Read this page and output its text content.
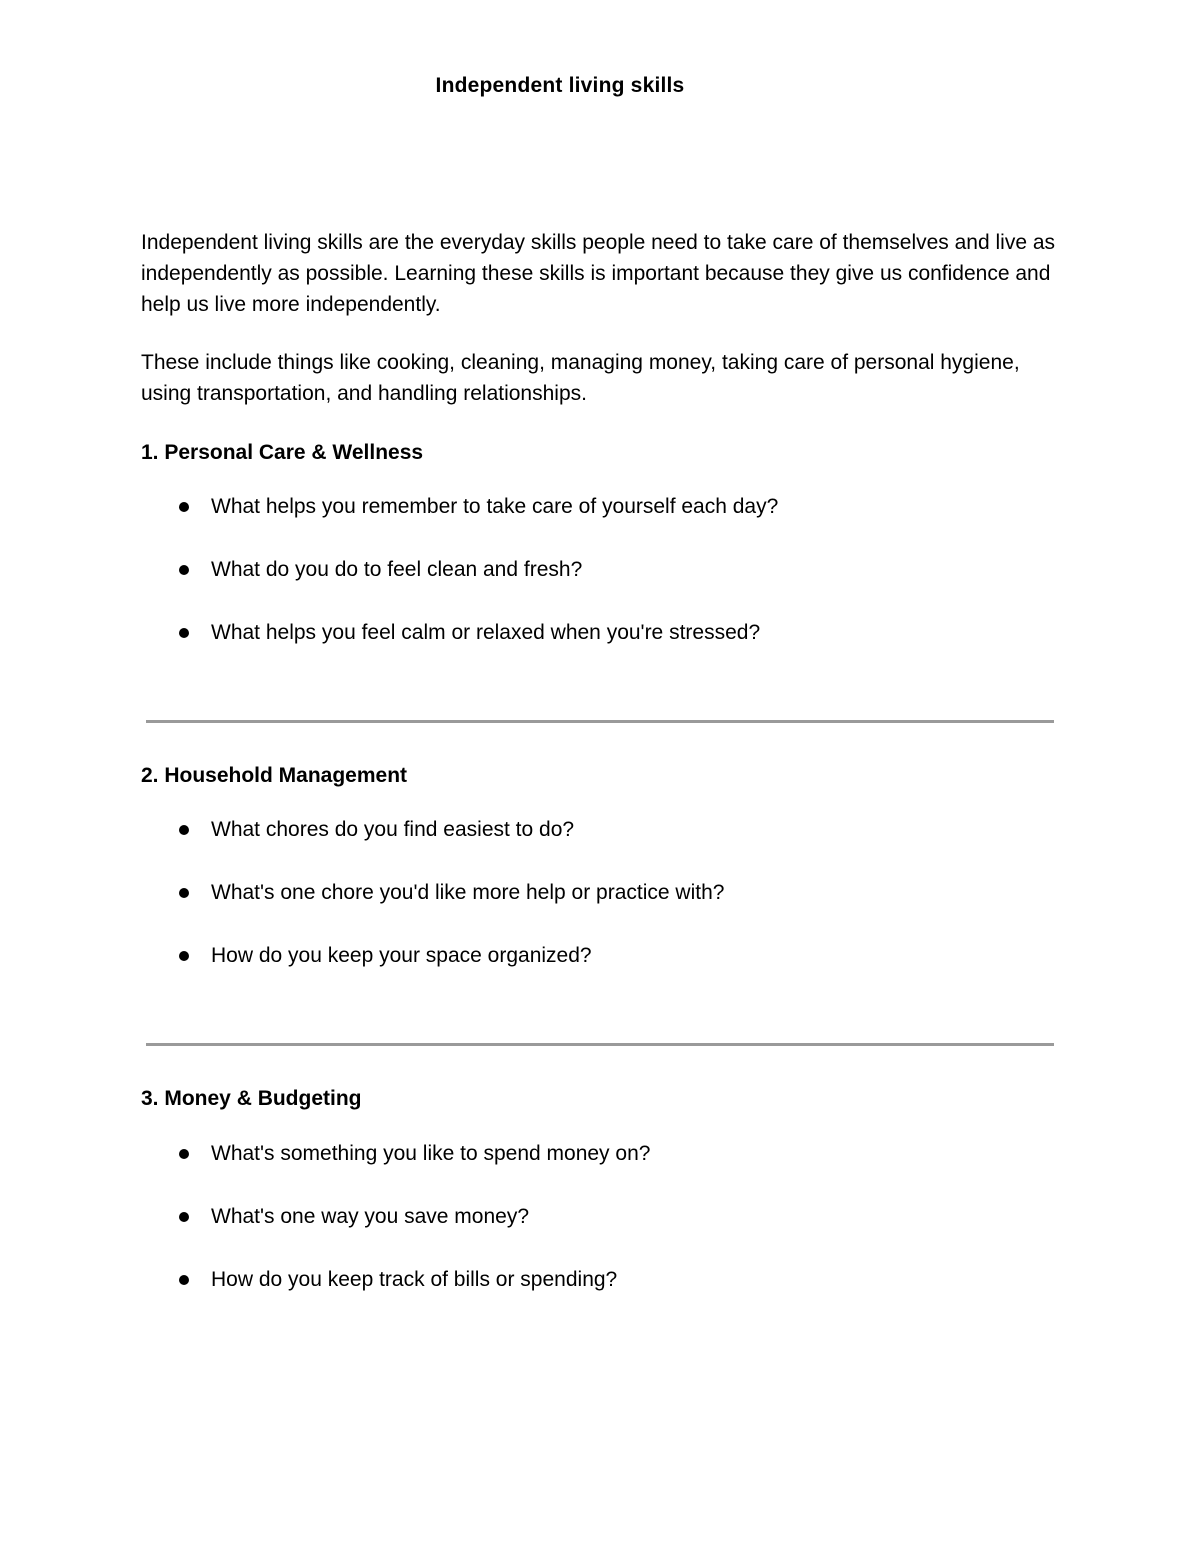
Independent living skills

Independent living skills are the everyday skills people need to take care of themselves and live as independently as possible. Learning these skills is important because they give us confidence and help us live more independently.

These include things like cooking, cleaning, managing money, taking care of personal hygiene, using transportation, and handling relationships.

1. Personal Care & Wellness
What helps you remember to take care of yourself each day?
What do you do to feel clean and fresh?
What helps you feel calm or relaxed when you're stressed?
2. Household Management
What chores do you find easiest to do?
What's one chore you'd like more help or practice with?
How do you keep your space organized?
3. Money & Budgeting
What's something you like to spend money on?
What's one way you save money?
How do you keep track of bills or spending?
